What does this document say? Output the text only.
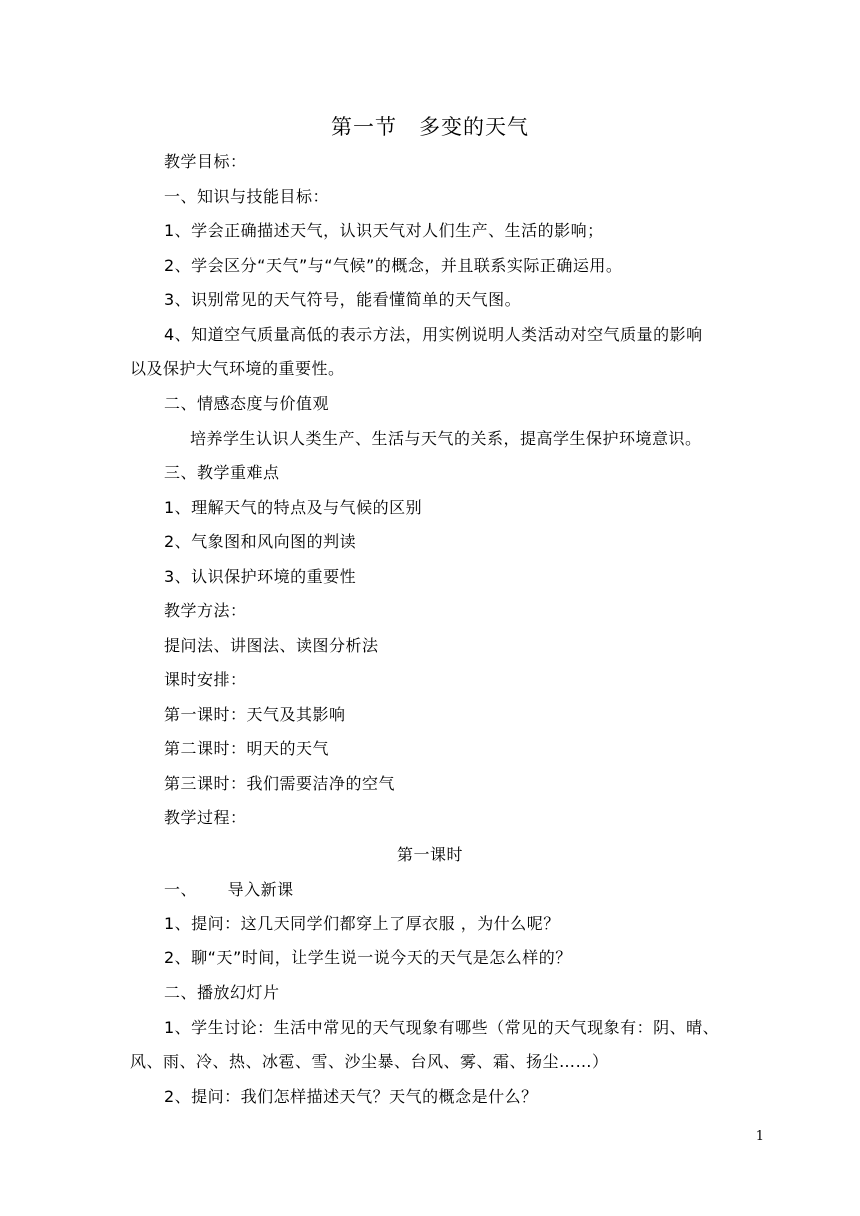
第一节　多变的天气
教学目标：
一、知识与技能目标：
1、学会正确描述天气，认识天气对人们生产、生活的影响；
2、学会区分“天气”与“气候”的概念，并且联系实际正确运用。
3、识别常见的天气符号，能看懂简单的天气图。
4、知道空气质量高低的表示方法，用实例说明人类活动对空气质量的影响
以及保护大气环境的重要性。
二、情感态度与价值观
培养学生认识人类生产、生活与天气的关系，提高学生保护环境意识。
三、教学重难点
1、理解天气的特点及与气候的区别
2、气象图和风向图的判读
3、认识保护环境的重要性
教学方法：
提问法、讲图法、读图分析法
课时安排：
第一课时：天气及其影响
第二课时：明天的天气
第三课时：我们需要洁净的空气
教学过程：
第一课时
一、　　 导入新课
1、提问：这几天同学们都穿上了厚衣服 ，为什么呢？
2、聊“天”时间，让学生说一说今天的天气是怎么样的？
二、播放幻灯片
1、学生讨论：生活中常见的天气现象有哪些（常见的天气现象有：阴、晴、
风、雨、冷、热、冰雹、雪、沙尘暴、台风、雾、霜、扬尘……）
2、提问：我们怎样描述天气？天气的概念是什么？
1
